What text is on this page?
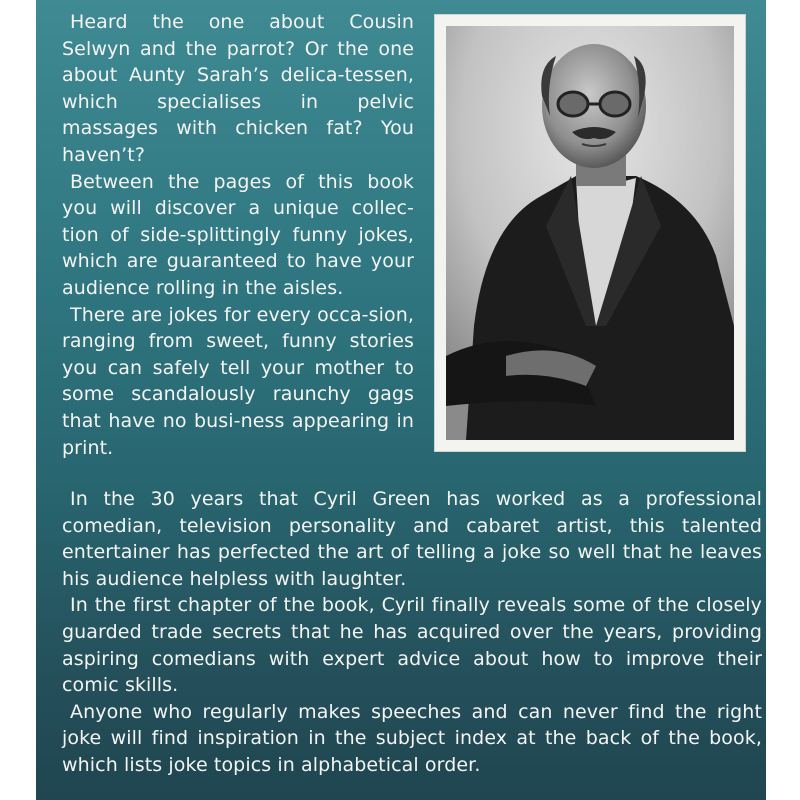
Heard the one about Cousin Selwyn and the parrot? Or the one about Aunty Sarah’s delica-tessen, which specialises in pelvic massages with chicken fat? You haven’t?

Between the pages of this book you will discover a unique collec-tion of side-splittingly funny jokes, which are guaranteed to have your audience rolling in the aisles.

There are jokes for every occa-sion, ranging from sweet, funny stories you can safely tell your mother to some scandalously raunchy gags that have no busi-ness appearing in print.

In the 30 years that Cyril Green has worked as a professional comedian, television personality and cabaret artist, this talented entertainer has perfected the art of telling a joke so well that he leaves his audience helpless with laughter.

In the first chapter of the book, Cyril finally reveals some of the closely guarded trade secrets that he has acquired over the years, providing aspiring comedians with expert advice about how to improve their comic skills.

Anyone who regularly makes speeches and can never find the right joke will find inspiration in the subject index at the back of the book, which lists joke topics in alphabetical order.
